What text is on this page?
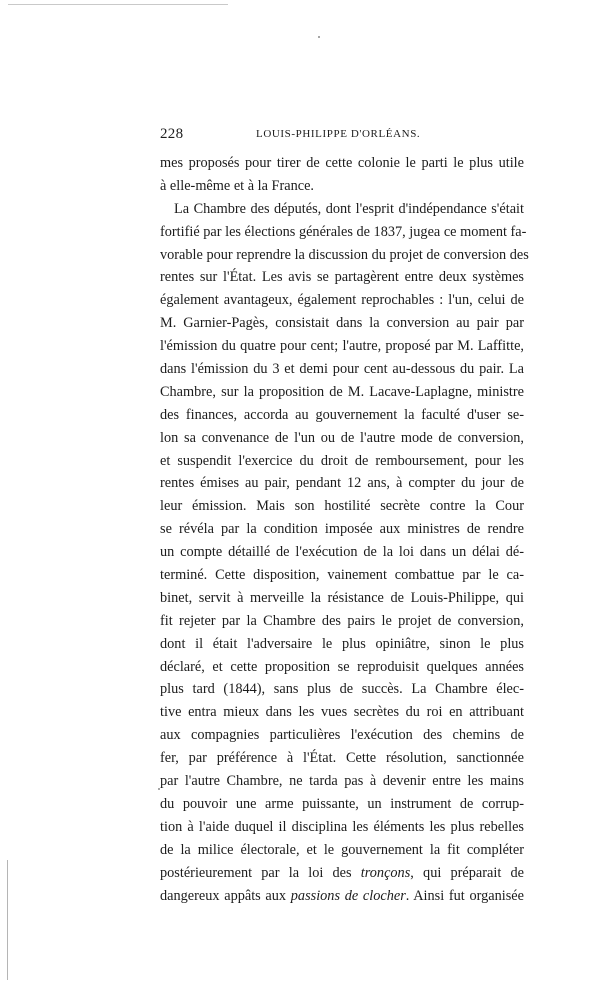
228	LOUIS-PHILIPPE D'ORLÉANS.
mes proposés pour tirer de cette colonie le parti le plus utile
à elle-même et à la France.
La Chambre des députés, dont l'esprit d'indépendance s'était
fortifié par les élections générales de 1837, jugea ce moment fa-
vorable pour reprendre la discussion du projet de conversion des
rentes sur l'État. Les avis se partagèrent entre deux systèmes
également avantageux, également reprochables : l'un, celui de
M. Garnier-Pagès, consistait dans la conversion au pair par
l'émission du quatre pour cent; l'autre, proposé par M. Laffitte,
dans l'émission du 3 et demi pour cent au-dessous du pair. La
Chambre, sur la proposition de M. Lacave-Laplagne, ministre
des finances, accorda au gouvernement la faculté d'user se-
lon sa convenance de l'un ou de l'autre mode de conversion,
et suspendit l'exercice du droit de remboursement, pour les
rentes émises au pair, pendant 12 ans, à compter du jour de
leur émission. Mais son hostilité secrète contre la Cour
se révéla par la condition imposée aux ministres de rendre
un compte détaillé de l'exécution de la loi dans un délai dé-
terminé. Cette disposition, vainement combattue par le ca-
binet, servit à merveille la résistance de Louis-Philippe, qui
fit rejeter par la Chambre des pairs le projet de conversion,
dont il était l'adversaire le plus opiniâtre, sinon le plus
déclaré, et cette proposition se reproduisit quelques années
plus tard (1844), sans plus de succès. La Chambre élec-
tive entra mieux dans les vues secrètes du roi en attribuant
aux compagnies particulières l'exécution des chemins de
fer, par préférence à l'État. Cette résolution, sanctionnée
par l'autre Chambre, ne tarda pas à devenir entre les mains
du pouvoir une arme puissante, un instrument de corrup-
tion à l'aide duquel il disciplina les éléments les plus rebelles
de la milice électorale, et le gouvernement la fit compléter
postérieurement par la loi des tronçons, qui préparait de
dangereux appâts aux passions de clocher. Ainsi fut organisée
